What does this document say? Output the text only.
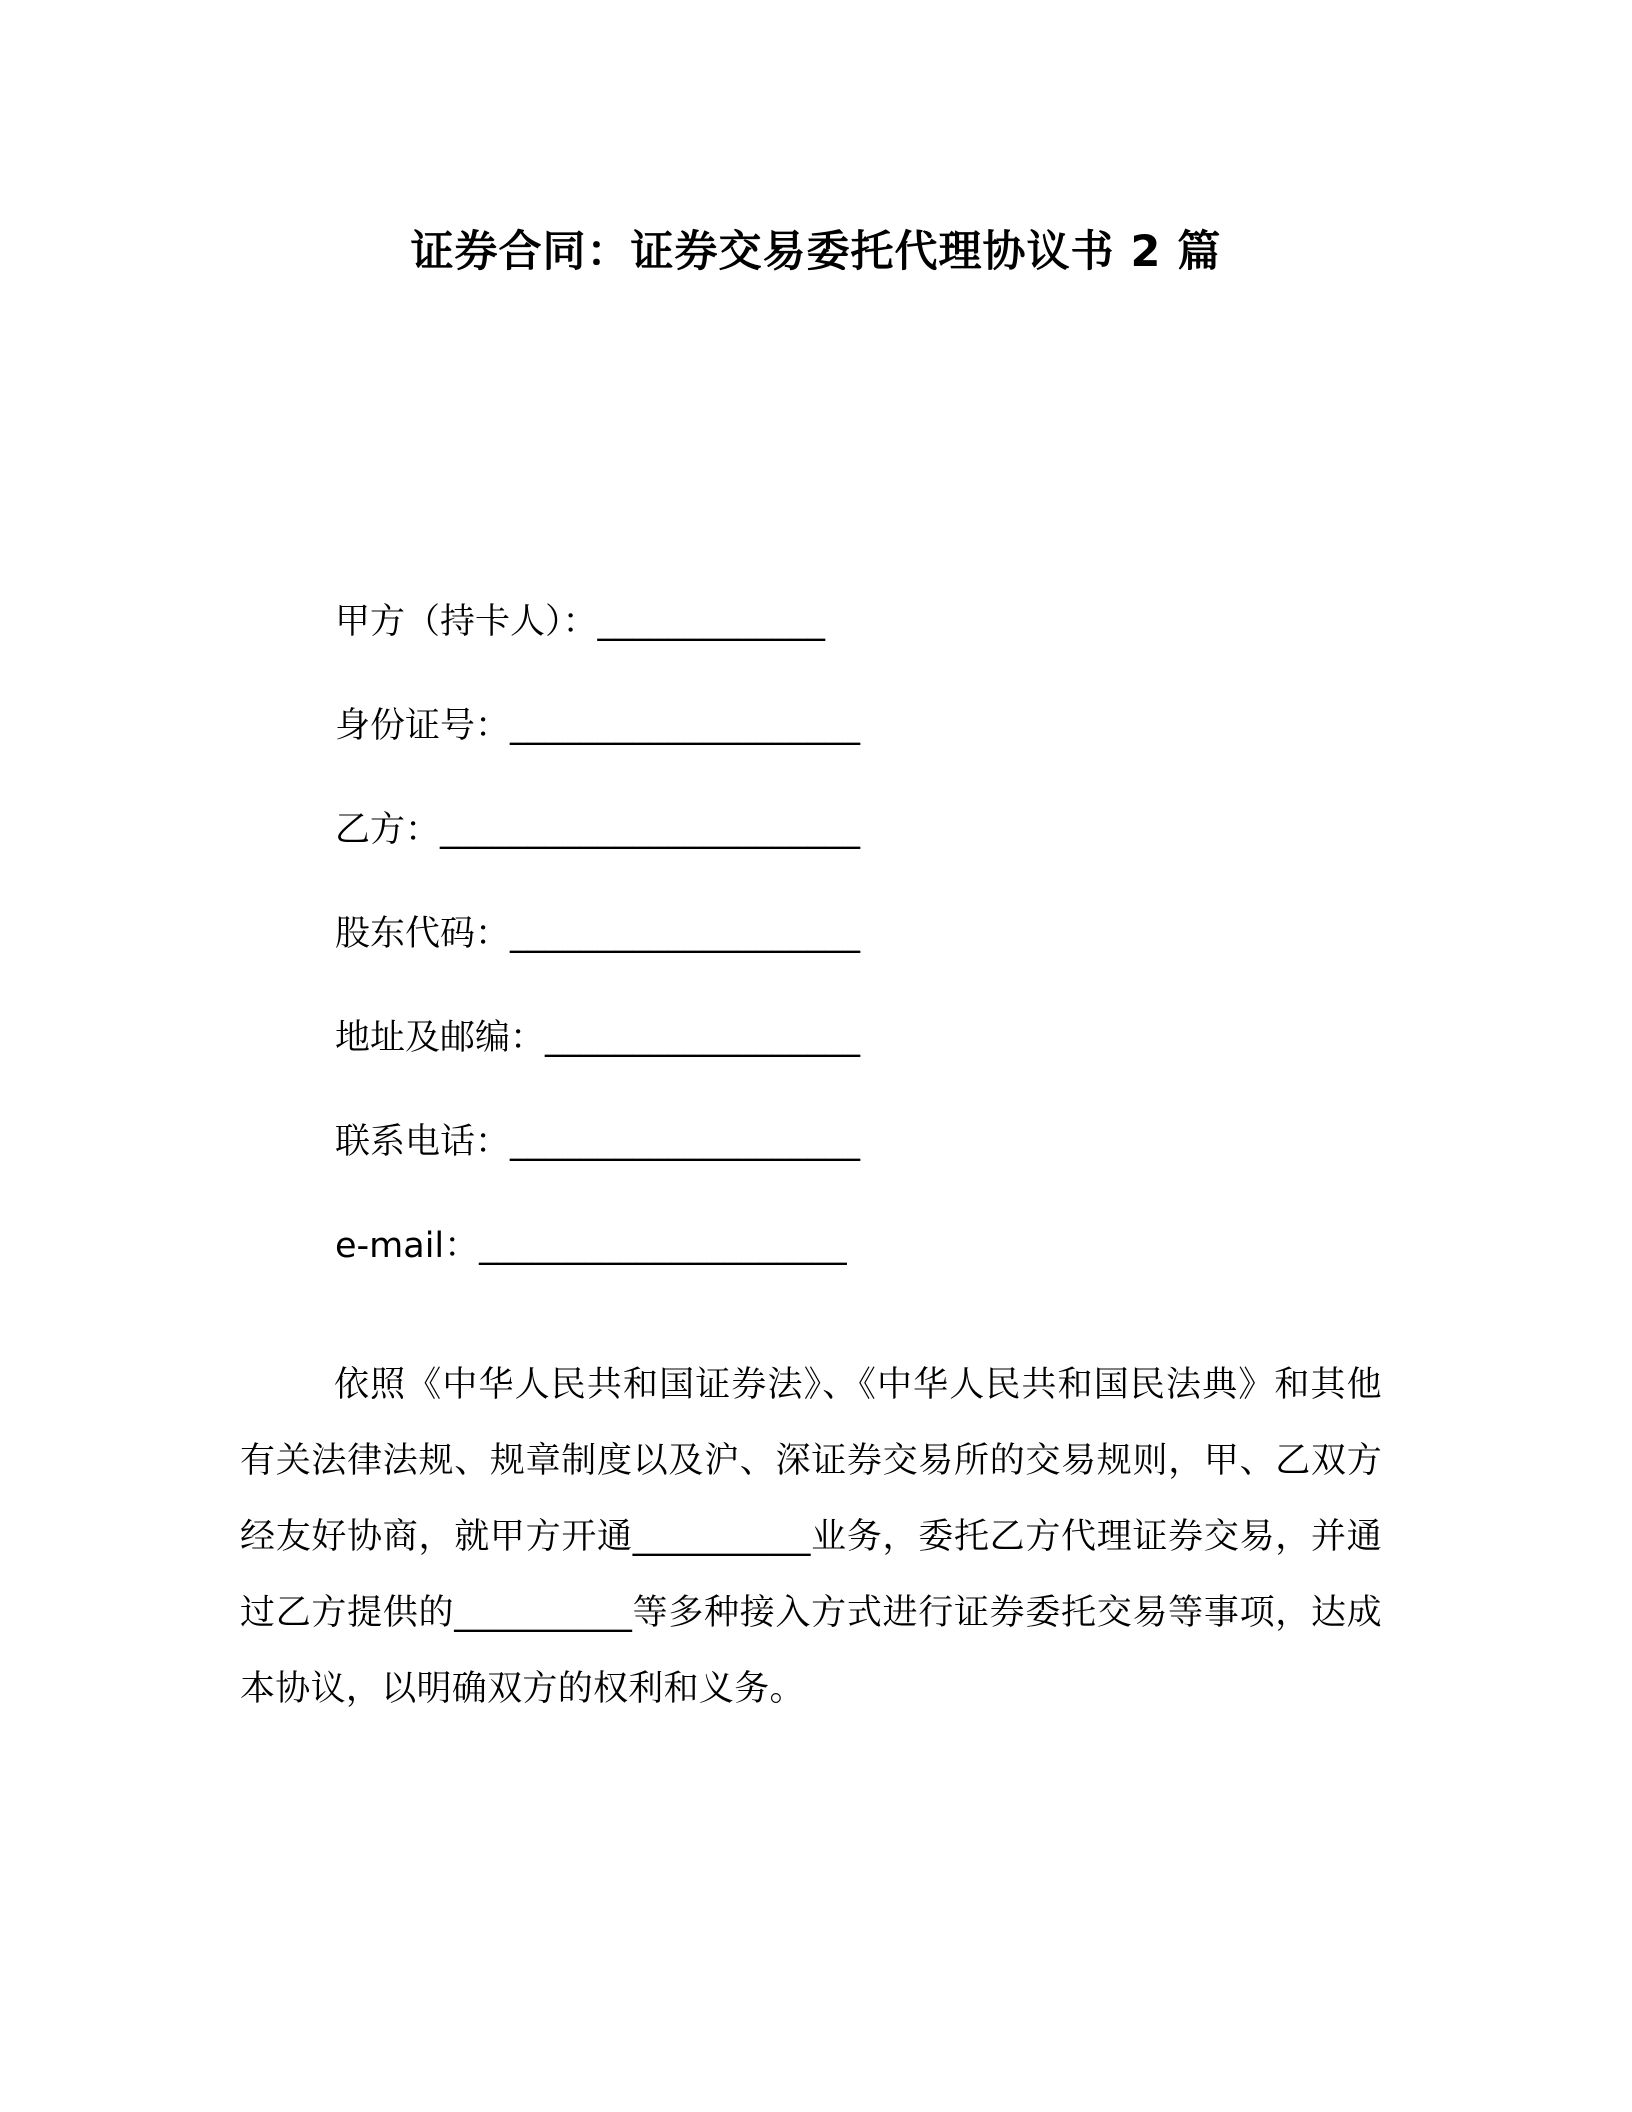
证券合同：证券交易委托代理协议书 2 篇
甲方（持卡人）：_____________
身份证号：____________________
乙方：________________________
股东代码：____________________
地址及邮编：__________________
联系电话：____________________
e-mail：_____________________

依照《中华人民共和国证券法》、《中华人民共和国民法典》和其他有关法律法规、规章制度以及沪、深证券交易所的交易规则，甲、乙双方经友好协商，就甲方开通__________业务，委托乙方代理证券交易，并通过乙方提供的__________等多种接入方式进行证券委托交易等事项，达成本协议，以明确双方的权利和义务。
